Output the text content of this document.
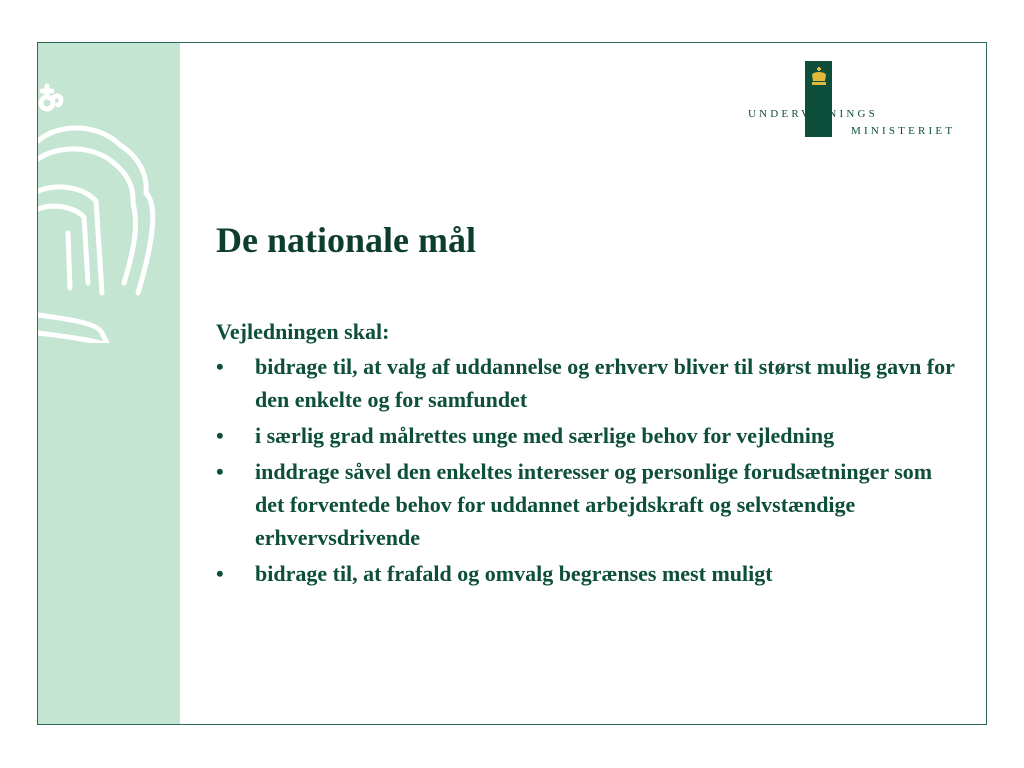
UNDERVISNINGS
MINISTERIET
De nationale mål

Vejledningen skal:

• bidrage til, at valg af uddannelse og erhverv bliver til størst mulig gavn for den enkelte og for samfundet
• i særlig grad målrettes unge med særlige behov for vejledning
• inddrage såvel den enkeltes interesser og personlige forudsætninger som det forventede behov for uddannet arbejdskraft og selvstændige erhvervsdrivende
• bidrage til, at frafald og omvalg begrænses mest muligt
